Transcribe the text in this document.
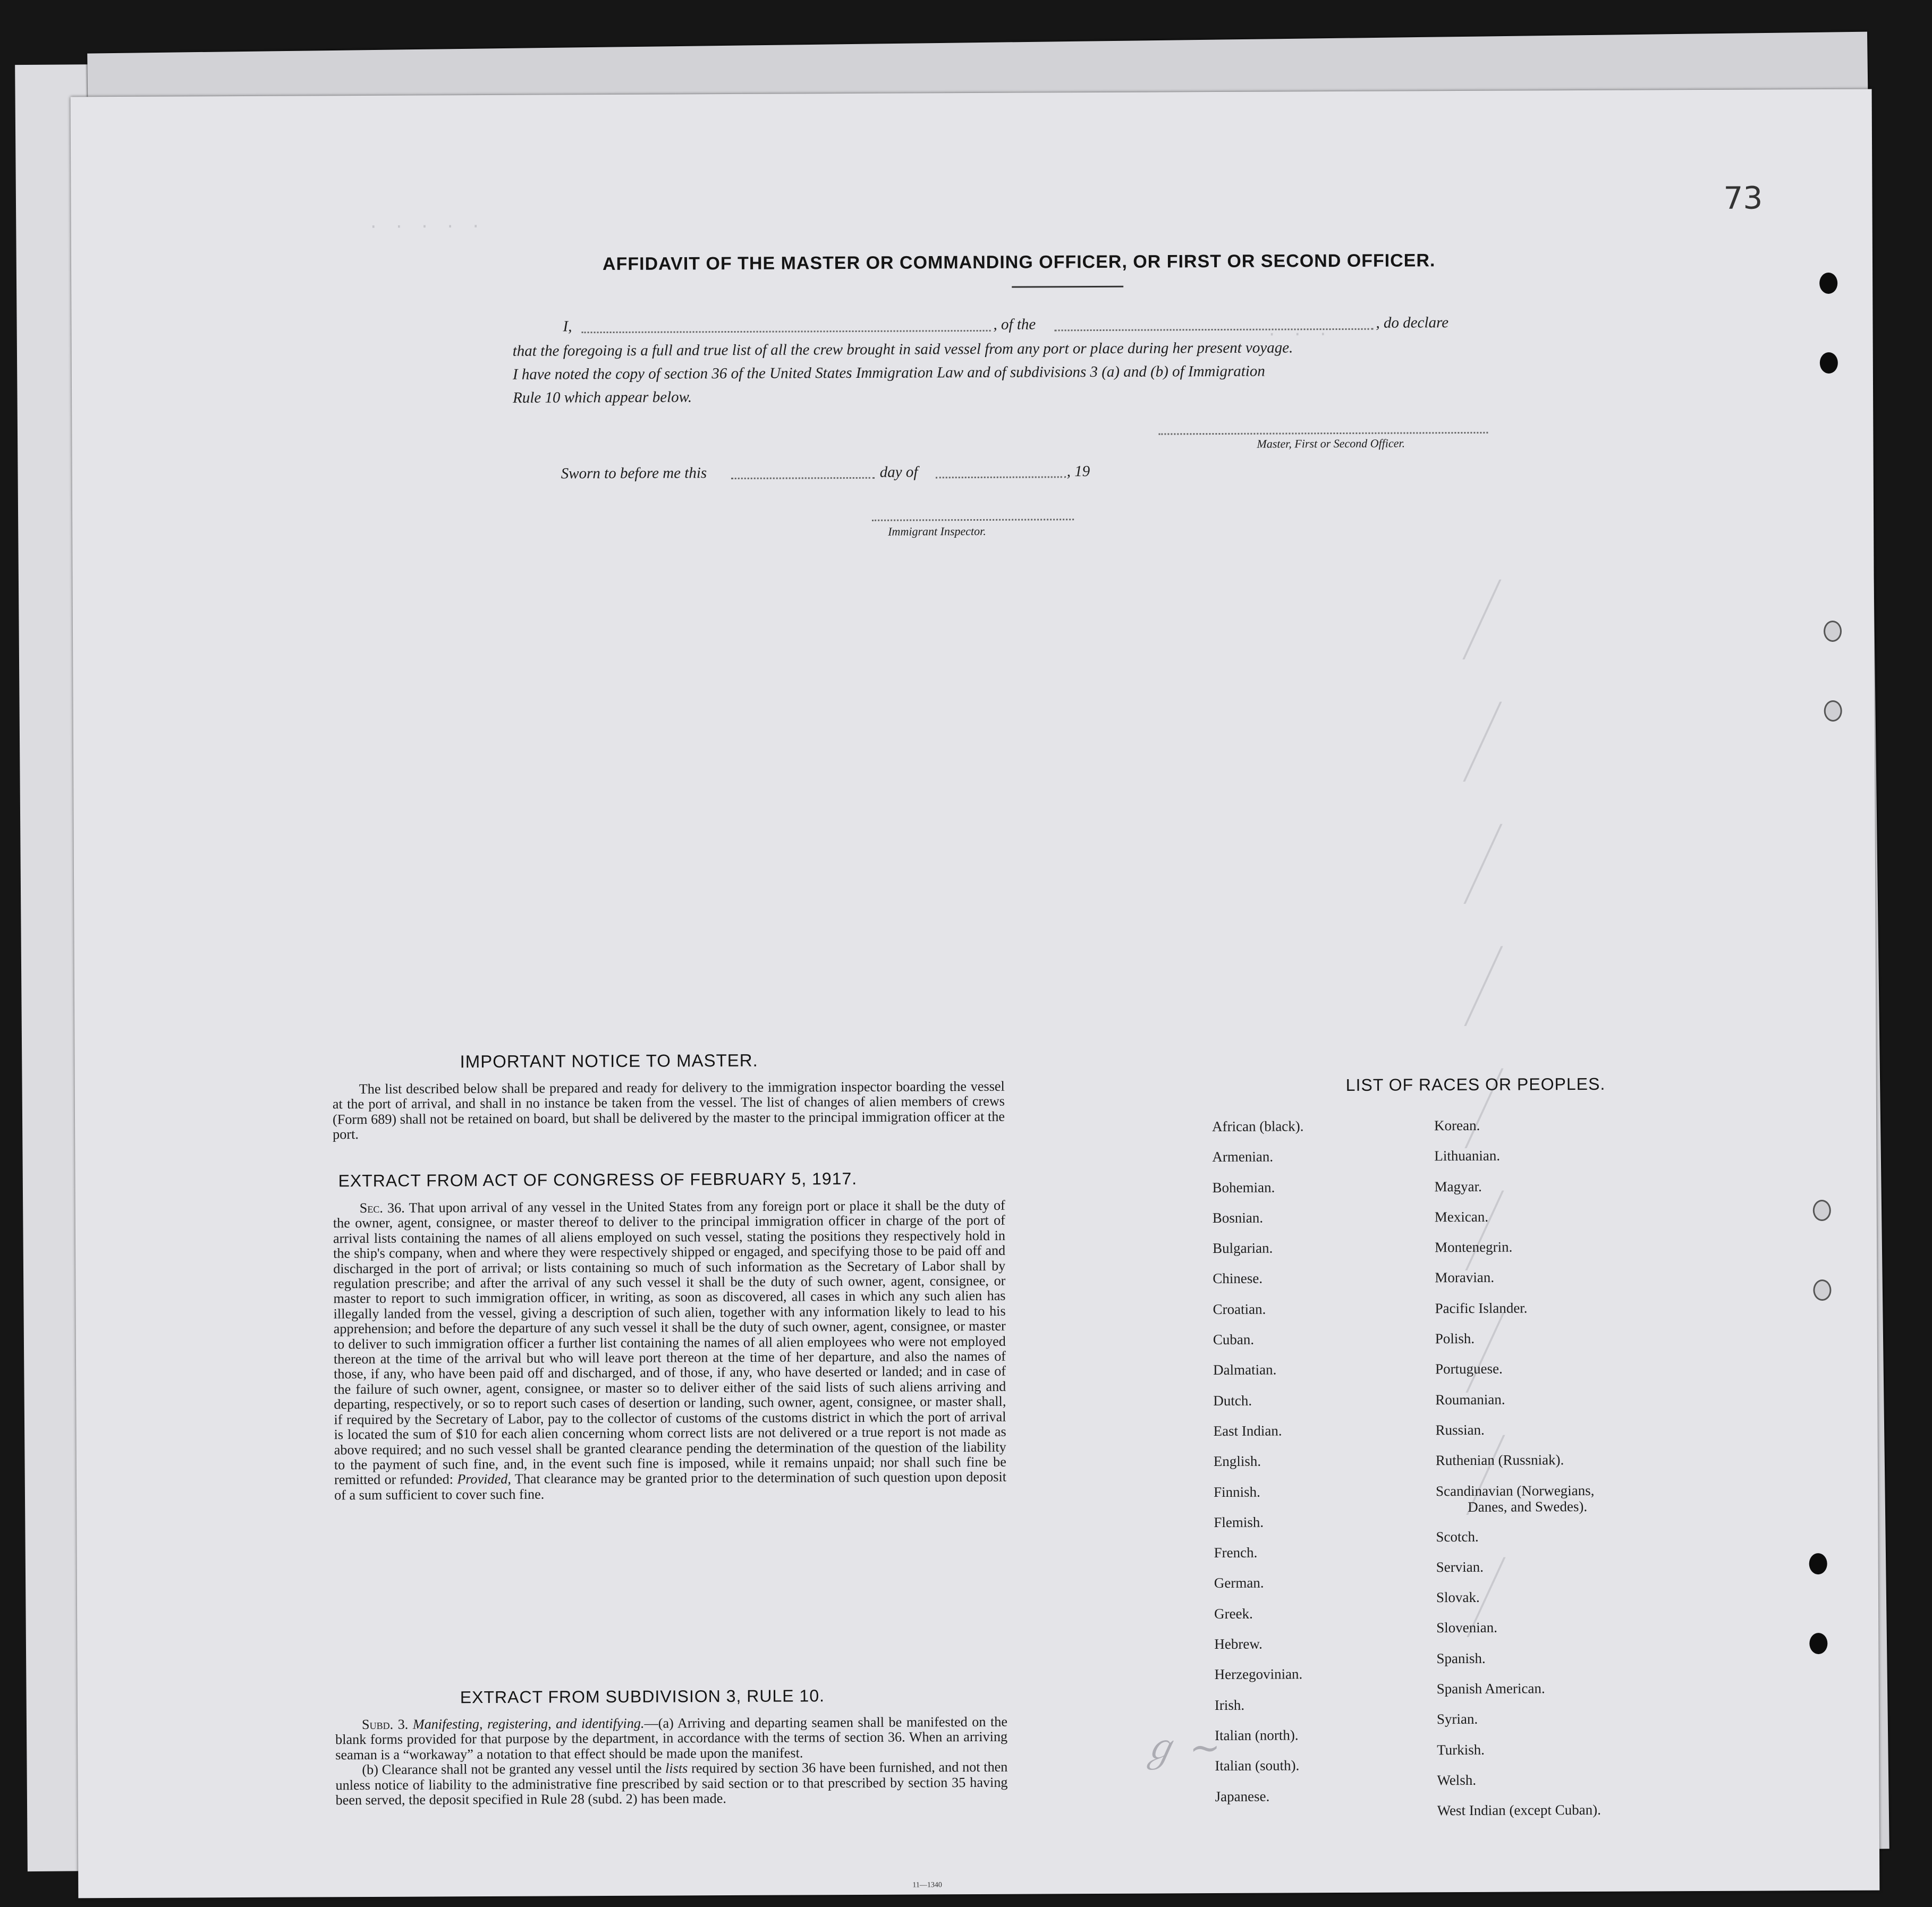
· · · · ·
· · ·
73
ℊ ~
AFFIDAVIT OF THE MASTER OR COMMANDING OFFICER, OR FIRST OR SECOND OFFICER.
I,	, of the	, do declare
that the foregoing is a full and true list of all the crew brought in said vessel from any port or place during her present voyage.
I have noted the copy of section 36 of the United States Immigration Law and of subdivisions 3 (a) and (b) of Immigration
Rule 10 which appear below.
Master, First or Second Officer.
Sworn to before me this	day of	, 19
Immigrant Inspector.
IMPORTANT NOTICE TO MASTER.

The list described below shall be prepared and ready for delivery to the immigration inspector boarding the vessel at the port of arrival, and shall in no instance be taken from the vessel. The list of changes of alien members of crews (Form 689) shall not be retained on board, but shall be delivered by the master to the principal immigration officer at the port.

EXTRACT FROM ACT OF CONGRESS OF FEBRUARY 5, 1917.

Sec. 36. That upon arrival of any vessel in the United States from any foreign port or place it shall be the duty of the owner, agent, consignee, or master thereof to deliver to the principal immigration officer in charge of the port of arrival lists containing the names of all aliens employed on such vessel, stating the positions they respectively hold in the ship's company, when and where they were respectively shipped or engaged, and specifying those to be paid off and discharged in the port of arrival; or lists containing so much of such information as the Secretary of Labor shall by regulation prescribe; and after the arrival of any such vessel it shall be the duty of such owner, agent, consignee, or master to report to such immigration officer, in writing, as soon as discovered, all cases in which any such alien has illegally landed from the vessel, giving a description of such alien, together with any information likely to lead to his apprehension; and before the departure of any such vessel it shall be the duty of such owner, agent, consignee, or master to deliver to such immigration officer a further list containing the names of all alien employees who were not employed thereon at the time of the arrival but who will leave port thereon at the time of her departure, and also the names of those, if any, who have been paid off and discharged, and of those, if any, who have deserted or landed; and in case of the failure of such owner, agent, consignee, or master so to deliver either of the said lists of such aliens arriving and departing, respectively, or so to report such cases of desertion or landing, such owner, agent, consignee, or master shall, if required by the Secretary of Labor, pay to the collector of customs of the customs district in which the port of arrival is located the sum of $10 for each alien concerning whom correct lists are not delivered or a true report is not made as above required; and no such vessel shall be granted clearance pending the determination of the question of the liability to the payment of such fine, and, in the event such fine is imposed, while it remains unpaid; nor shall such fine be remitted or refunded: Provided, That clearance may be granted prior to the determination of such question upon deposit of a sum sufficient to cover such fine.

EXTRACT FROM SUBDIVISION 3, RULE 10.

Subd. 3. Manifesting, registering, and identifying.—(a) Arriving and departing seamen shall be manifested on the blank forms provided for that purpose by the department, in accordance with the terms of section 36. When an arriving seaman is a “workaway” a notation to that effect should be made upon the manifest.

(b) Clearance shall not be granted any vessel until the lists required by section 36 have been furnished, and not then unless notice of liability to the administrative fine prescribed by said section or to that prescribed by section 35 having been served, the deposit specified in Rule 28 (subd. 2) has been made.

11—1340
LIST OF RACES OR PEOPLES.
African (black).
Armenian.
Bohemian.
Bosnian.
Bulgarian.
Chinese.
Croatian.
Cuban.
Dalmatian.
Dutch.
East Indian.
English.
Finnish.
Flemish.
French.
German.
Greek.
Hebrew.
Herzegovinian.
Irish.
Italian (north).
Italian (south).
Japanese.
Korean.
Lithuanian.
Magyar.
Mexican.
Montenegrin.
Moravian.
Pacific Islander.
Polish.
Portuguese.
Roumanian.
Russian.
Ruthenian (Russniak).
Scandinavian (Norwegians,
Danes, and Swedes).
Scotch.
Servian.
Slovak.
Slovenian.
Spanish.
Spanish American.
Syrian.
Turkish.
Welsh.
West Indian (except Cuban).
